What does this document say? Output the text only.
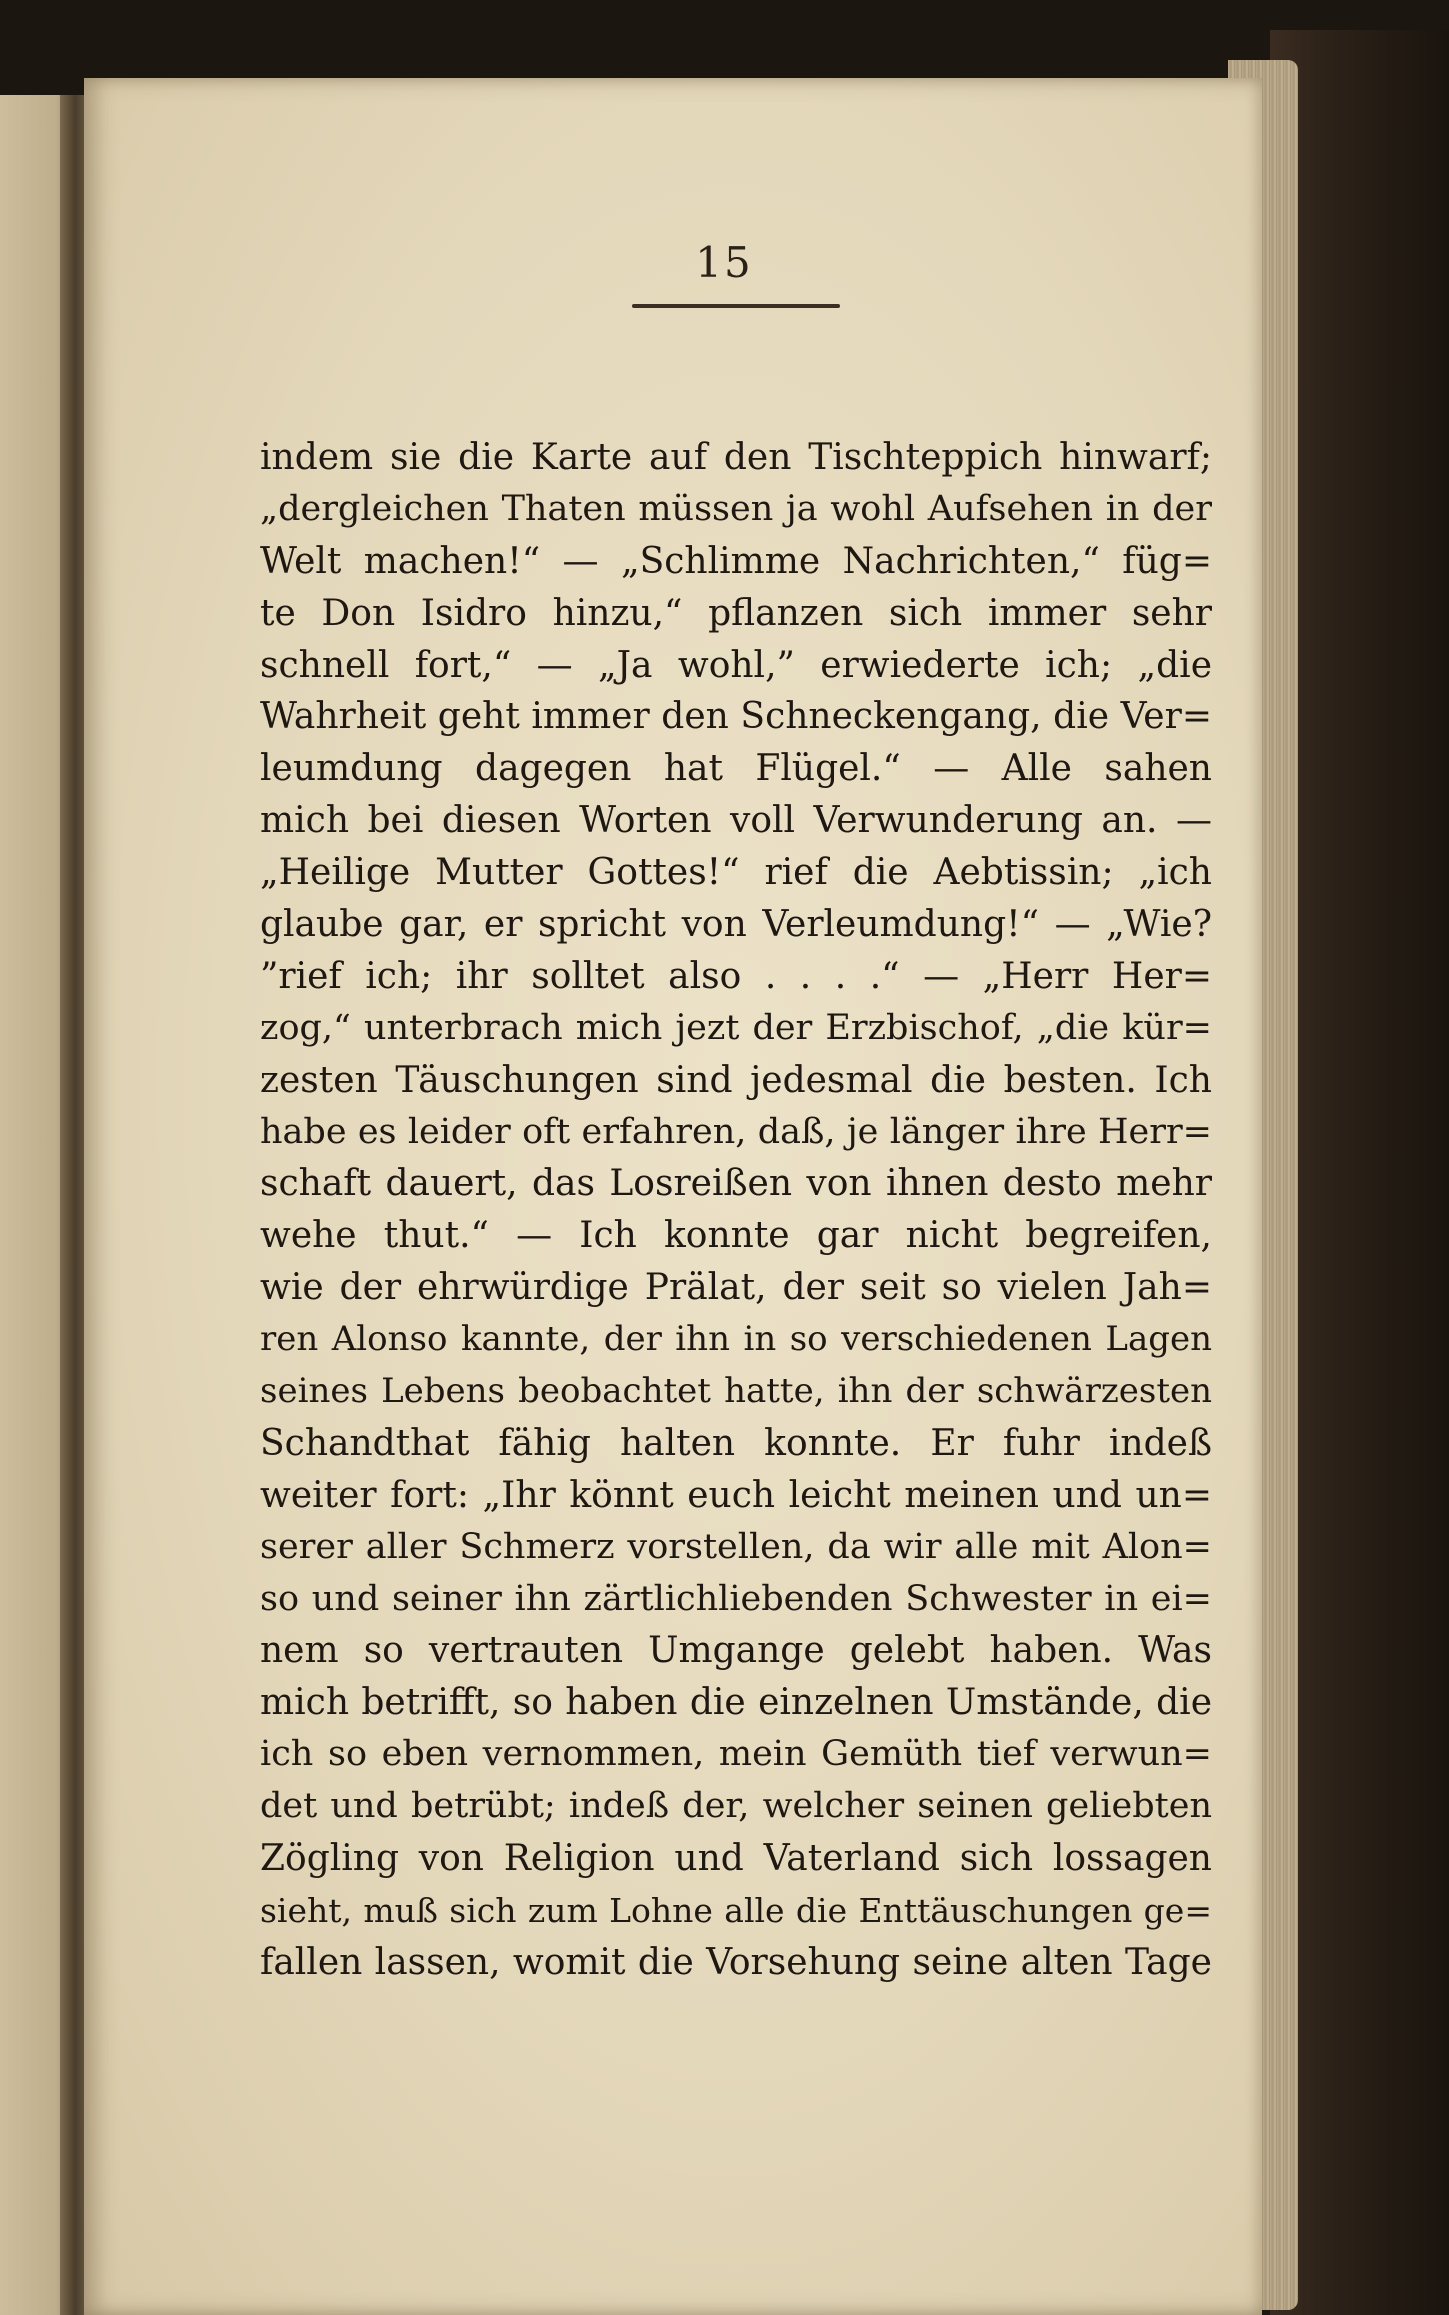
15
indem sie die Karte auf den Tischteppich hinwarf;
„dergleichen Thaten müssen ja wohl Aufsehen in der
Welt machen!“ — „Schlimme Nachrichten,“ füg=
te Don Isidro hinzu,“ pflanzen sich immer sehr
schnell fort,“ — „Ja wohl,” erwiederte ich; „die
Wahrheit geht immer den Schneckengang, die Ver=
leumdung dagegen hat Flügel.“ — Alle sahen
mich bei diesen Worten voll Verwunderung an. —
„Heilige Mutter Gottes!“ rief die Aebtissin; „ich
glaube gar, er spricht von Verleumdung!“ — „Wie?
”rief ich; ihr solltet also . . . .“ — „Herr Her=
zog,“ unterbrach mich jezt der Erzbischof, „die kür=
zesten Täuschungen sind jedesmal die besten. Ich
habe es leider oft erfahren, daß, je länger ihre Herr=
schaft dauert, das Losreißen von ihnen desto mehr
wehe thut.“ — Ich konnte gar nicht begreifen,
wie der ehrwürdige Prälat, der seit so vielen Jah=
ren Alonso kannte, der ihn in so verschiedenen Lagen
seines Lebens beobachtet hatte, ihn der schwärzesten
Schandthat fähig halten konnte. Er fuhr indeß
weiter fort: „Ihr könnt euch leicht meinen und un=
serer aller Schmerz vorstellen, da wir alle mit Alon=
so und seiner ihn zärtlichliebenden Schwester in ei=
nem so vertrauten Umgange gelebt haben. Was
mich betrifft, so haben die einzelnen Umstände, die
ich so eben vernommen, mein Gemüth tief verwun=
det und betrübt; indeß der, welcher seinen geliebten
Zögling von Religion und Vaterland sich lossagen
sieht, muß sich zum Lohne alle die Enttäuschungen ge=
fallen lassen, womit die Vorsehung seine alten Tage
